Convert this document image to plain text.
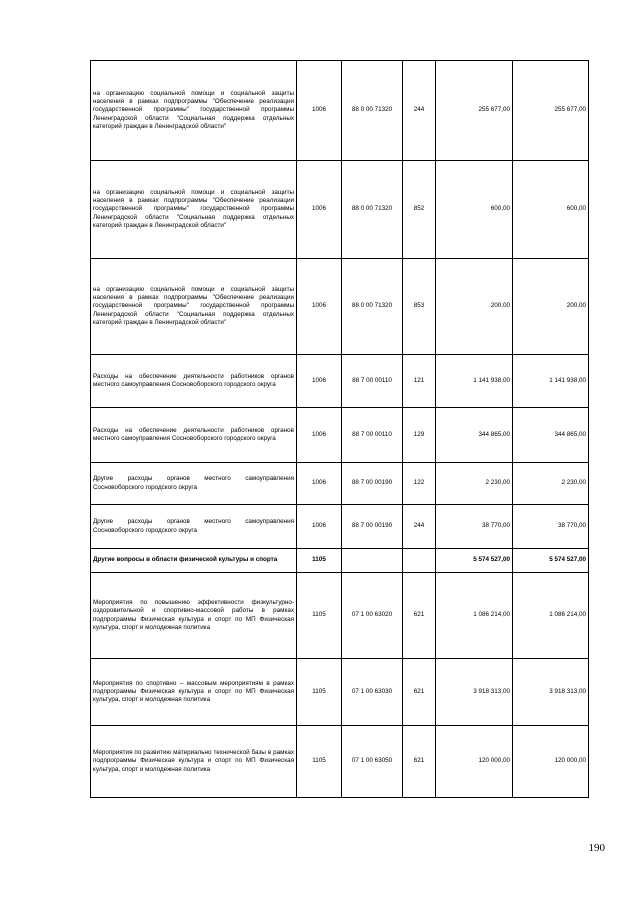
на организацию социальной помощи и социальной защиты населения в рамках подпрограммы "Обеспечение реализации государственной программы" государственной программы Ленинградской области "Социальная поддержка отдельных категорий граждан в Ленинградской области"	1006	88 0 00 71320	244	255 677,00	255 677,00
на организацию социальной помощи и социальной защиты населения в рамках подпрограммы "Обеспечение реализации государственной программы" государственной программы Ленинградской области "Социальная поддержка отдельных категорий граждан в Ленинградской области"	1006	88 0 00 71320	852	600,00	600,00
на организацию социальной помощи и социальной защиты населения в рамках подпрограммы "Обеспечение реализации государственной программы" государственной программы Ленинградской области "Социальная поддержка отдельных категорий граждан в Ленинградской области"	1006	88 0 00 71320	853	200,00	200,00
Расходы на обеспечение деятельности работников органов местного самоуправления Сосновоборского городского округа	1006	88 7 00 00110	121	1 141 938,00	1 141 938,00
Расходы на обеспечение деятельности работников органов местного самоуправления Сосновоборского городского округа	1006	88 7 00 00110	129	344 865,00	344 865,00
Другие расходы органов местного самоуправления Сосновоборского городского округа	1006	88 7 00 00190	122	2 230,00	2 230,00
Другие расходы органов местного самоуправления Сосновоборского городского округа	1006	88 7 00 00190	244	38 770,00	38 770,00
Другие вопросы в области физической культуры и спорта	1105			5 574 527,00	5 574 527,00
Мероприятия по повышению эффективности физкультурно-оздоровительной и спортивно-массовой работы в рамках подпрограммы Физическая культура и спорт по МП Физическая культура, спорт и молодежная политика	1105	07 1 00 63020	621	1 086 214,00	1 086 214,00
Мероприятия по спортивно – массовым мероприятиям в рамках подпрограммы Физическая культура и спорт по МП Физическая культура, спорт и молодежная политика	1105	07 1 00 63030	621	3 918 313,00	3 918 313,00
Мероприятия по развитию материально технической базы в рамках подпрограммы Физическая культура и спорт по МП Физическая культура, спорт и молодежная политика	1105	07 1 00 63050	621	120 000,00	120 000,00
190
